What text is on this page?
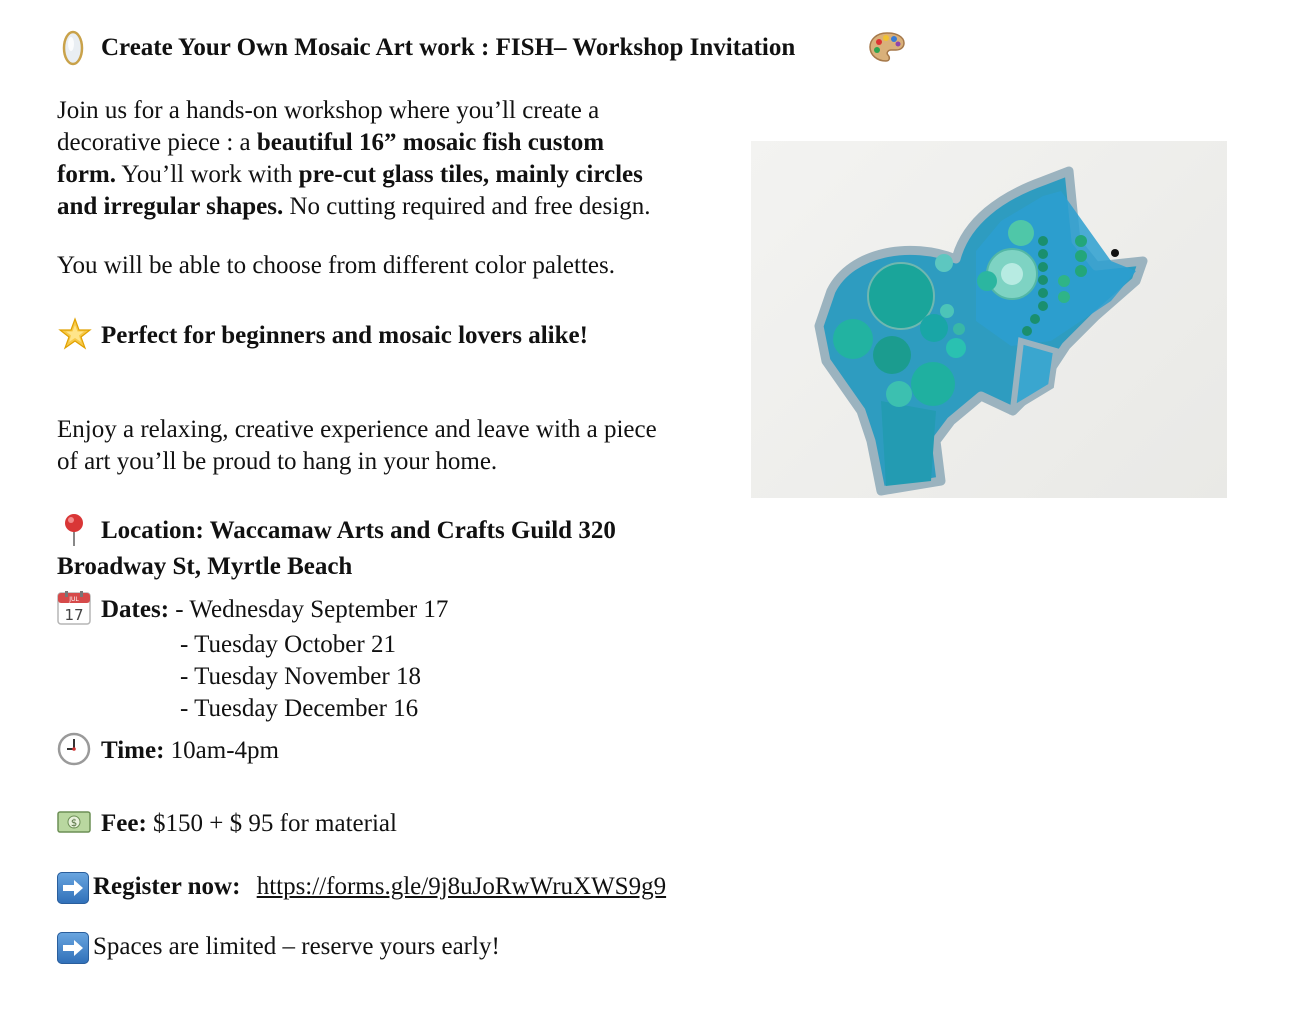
Create Your Own Mosaic Art work : FISH– Workshop Invitation
Join us for a hands-on workshop where you’ll create a
decorative piece : a beautiful 16” mosaic fish custom
form. You’ll work with pre-cut glass tiles, mainly circles
and irregular shapes. No cutting required and free design.
You will be able to choose from different color palettes.
Perfect for beginners and mosaic lovers alike!
Enjoy a relaxing, creative experience and leave with a piece
of art you’ll be proud to hang in your home.
Location: Waccamaw Arts and Crafts Guild 320
Broadway St, Myrtle Beach
JUL
17 Dates: - Wednesday September 17
- Tuesday October 21
- Tuesday November 18
- Tuesday December 16
Time: 10am-4pm
$ Fee: $150 + $ 95 for material
Register now: https://forms.gle/9j8uJoRwWruXWS9g9
Spaces are limited – reserve yours early!
